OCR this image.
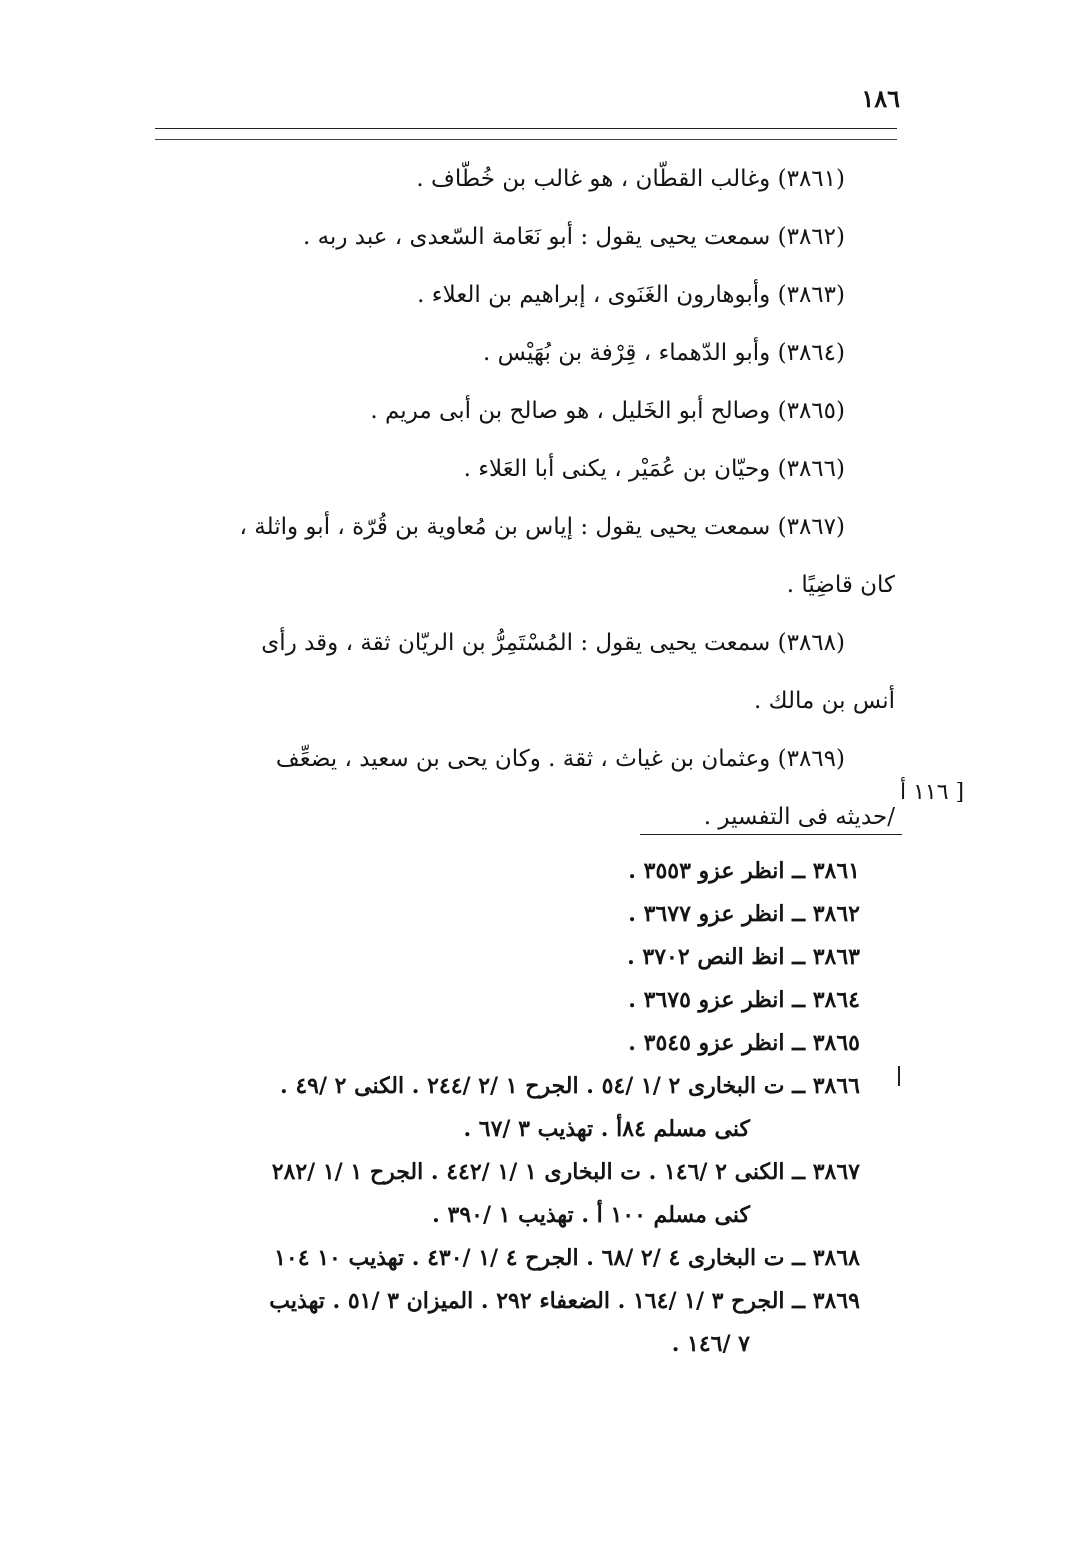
١٨٦

(٣٨٦١) وغالب القطّان ، هو غالب بن خُطّاف .

(٣٨٦٢) سمعت يحيى يقول : أبو نَعَامة السّعدى ، عبد ربه .

(٣٨٦٣) وأبوهارون الغَنَوى ، إبراهيم بن العلاء .

(٣٨٦٤) وأبو الدّهماء ، قِرْفة بن بُهَيْس .

(٣٨٦٥) وصالح أبو الخَليل ، هو صالح بن أبى مريم .

(٣٨٦٦) وحيّان بن عُمَيْر ، يكنى أبا العَلاء .

(٣٨٦٧) سمعت يحيى يقول : إياس بن مُعاوية بن قُرّة ، أبو واثلة ،
كان قاضِيًا .

(٣٨٦٨) سمعت يحيى يقول : المُسْتَمِرُّ بن الريّان ثقة ، وقد رأى
أنس بن مالك .

(٣٨٦٩) وعثمان بن غياث ، ثقة . وكان يحى بن سعيد ، يضعِّف
/حديثه فى التفسير .

[ ١١٦ أ

٣٨٦١ ــ انظر عزو ٣٥٥٣ .

٣٨٦٢ ــ انظر عزو ٣٦٧٧ .

٣٨٦٣ ــ انظ النص ٣٧٠٢ .

٣٨٦٤ ــ انظر عزو ٣٦٧٥ .

٣٨٦٥ ــ انظر عزو ٣٥٤٥ .

٣٨٦٦ ــ ت البخارى ٢ /١ /٥٤ . الجرح ١ /٢ /٢٤٤ . الكنى ٢ /٤٩ .
كنى مسلم ٨٤أ . تهذيب ٣ /٦٧ .

٣٨٦٧ ــ الكنى ٢ /١٤٦ . ت البخارى ١ /١ /٤٤٢ . الجرح ١ /١ /٢٨٢
كنى مسلم ١٠٠ أ . تهذيب ١ /٣٩٠ .

٣٨٦٨ ــ ت البخارى ٤ /٢ /٦٨ . الجرح ٤ /١ /٤٣٠ . تهذيب ١٠ ١٠٤

٣٨٦٩ ــ الجرح ٣ /١ /١٦٤ . الضعفاء ٢٩٢ . الميزان ٣ /٥١ . تهذيب
٧ /١٤٦ .
